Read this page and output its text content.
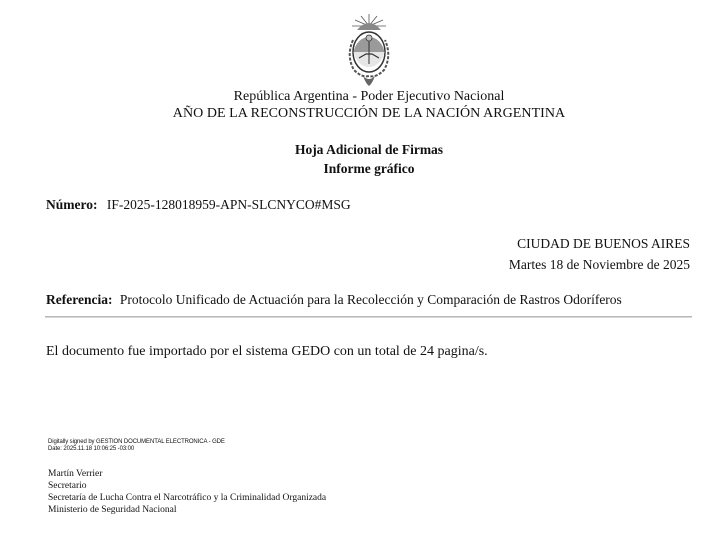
República Argentina - Poder Ejecutivo Nacional
AÑO DE LA RECONSTRUCCIÓN DE LA NACIÓN ARGENTINA
Hoja Adicional de Firmas
Informe gráfico
Número: IF-2025-128018959-APN-SLCNYCO#MSG
CIUDAD DE BUENOS AIRES
Martes 18 de Noviembre de 2025
Referencia: Protocolo Unificado de Actuación para la Recolección y Comparación de Rastros Odoríferos
El documento fue importado por el sistema GEDO con un total de 24 pagina/s.
Digitally signed by GESTION DOCUMENTAL ELECTRONICA - GDE
Date: 2025.11.18 10:06:25 -03:00
Martín Verrier
Secretario
Secretaría de Lucha Contra el Narcotráfico y la Criminalidad Organizada
Ministerio de Seguridad Nacional
